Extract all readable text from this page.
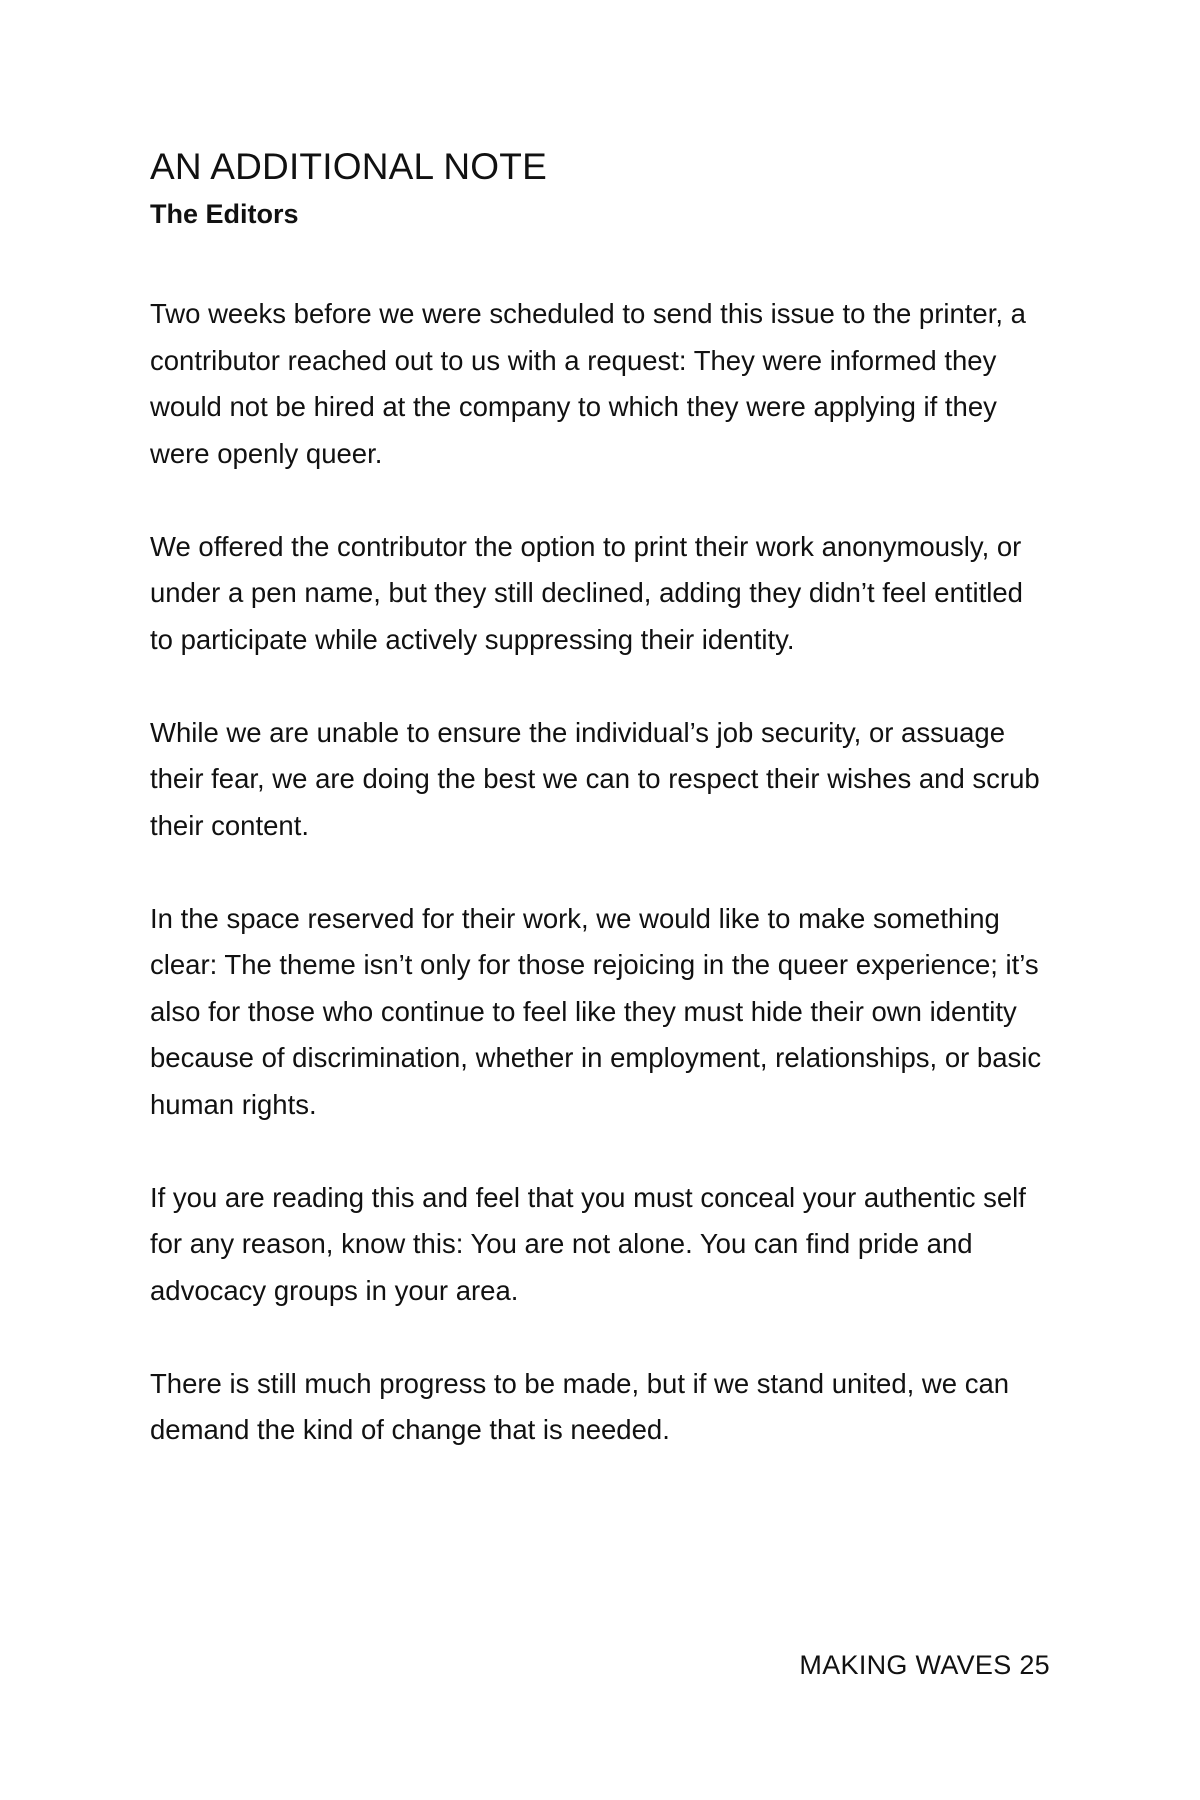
AN ADDITIONAL NOTE
The Editors

Two weeks before we were scheduled to send this issue to the printer, a contributor reached out to us with a request: They were informed they would not be hired at the company to which they were applying if they were openly queer.

We offered the contributor the option to print their work anonymously, or under a pen name, but they still declined, adding they didn’t feel entitled to participate while actively suppressing their identity.

While we are unable to ensure the individual’s job security, or assuage their fear, we are doing the best we can to respect their wishes and scrub their content.

In the space reserved for their work, we would like to make something clear: The theme isn’t only for those rejoicing in the queer experience; it’s also for those who continue to feel like they must hide their own identity because of discrimination, whether in employment, relationships, or basic human rights.

If you are reading this and feel that you must conceal your authentic self for any reason, know this: You are not alone. You can find pride and advocacy groups in your area.

There is still much progress to be made, but if we stand united, we can demand the kind of change that is needed.

MAKING WAVES 25
